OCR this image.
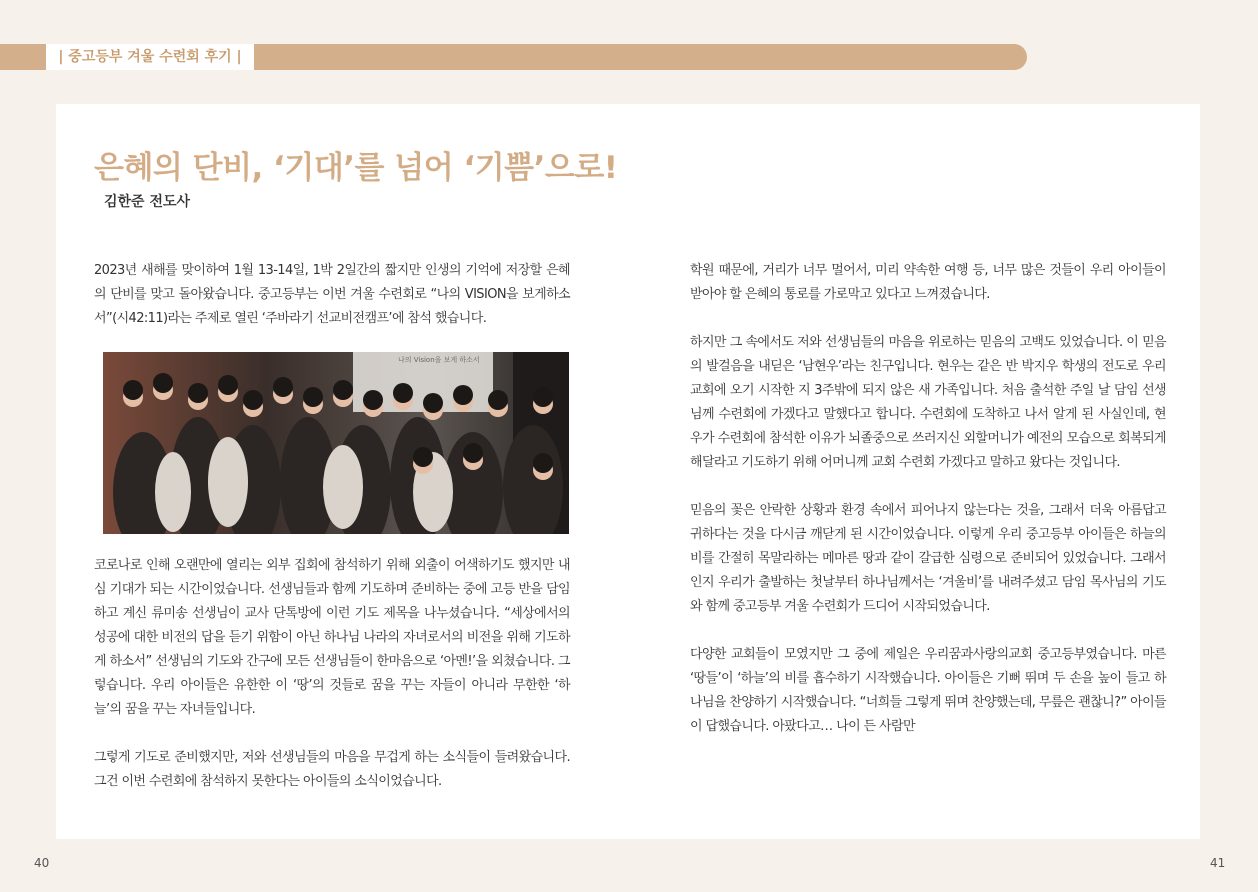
| 중고등부 겨울 수련회 후기 |
은혜의 단비, ‘기대’를 넘어 ‘기쁨’으로!
김한준 전도사

2023년 새해를 맞이하여 1월 13-14일, 1박 2일간의 짧지만 인생의 기억에 저장할 은혜의 단비를 맞고 돌아왔습니다. 중고등부는 이번 겨울 수련회로 “나의 VISION을 보게하소서”(시42:11)라는 주제로 열린 ‘주바라기 선교비전캠프’에 참석 했습니다.

나의 Vision을 보게 하소서

코로나로 인해 오랜만에 열리는 외부 집회에 참석하기 위해 외출이 어색하기도 했지만 내심 기대가 되는 시간이었습니다. 선생님들과 함께 기도하며 준비하는 중에 고등 반을 담임하고 계신 류미송 선생님이 교사 단톡방에 이런 기도 제목을 나누셨습니다. “세상에서의 성공에 대한 비전의 답을 듣기 위함이 아닌 하나님 나라의 자녀로서의 비전을 위해 기도하게 하소서” 선생님의 기도와 간구에 모든 선생님들이 한마음으로 ‘아멘!’을 외쳤습니다. 그렇습니다. 우리 아이들은 유한한 이 ‘땅’의 것들로 꿈을 꾸는 자들이 아니라 무한한 ‘하늘’의 꿈을 꾸는 자녀들입니다.

그렇게 기도로 준비했지만, 저와 선생님들의 마음을 무겁게 하는 소식들이 들려왔습니다. 그건 이번 수련회에 참석하지 못한다는 아이들의 소식이었습니다.

학원 때문에, 거리가 너무 멀어서, 미리 약속한 여행 등, 너무 많은 것들이 우리 아이들이 받아야 할 은혜의 통로를 가로막고 있다고 느껴졌습니다.

하지만 그 속에서도 저와 선생님들의 마음을 위로하는 믿음의 고백도 있었습니다. 이 믿음의 발걸음을 내딛은 ‘남현우’라는 친구입니다. 현우는 같은 반 박지우 학생의 전도로 우리 교회에 오기 시작한 지 3주밖에 되지 않은 새 가족입니다. 처음 출석한 주일 날 담임 선생님께 수련회에 가겠다고 말했다고 합니다. 수련회에 도착하고 나서 알게 된 사실인데, 현우가 수련회에 참석한 이유가 뇌졸중으로 쓰러지신 외할머니가 예전의 모습으로 회복되게 해달라고 기도하기 위해 어머니께 교회 수련회 가겠다고 말하고 왔다는 것입니다.

믿음의 꽃은 안락한 상황과 환경 속에서 피어나지 않는다는 것을, 그래서 더욱 아름답고 귀하다는 것을 다시금 깨닫게 된 시간이었습니다. 이렇게 우리 중고등부 아이들은 하늘의 비를 간절히 목말라하는 메마른 땅과 같이 갈급한 심령으로 준비되어 있었습니다. 그래서인지 우리가 출발하는 첫날부터 하나님께서는 ‘겨울비’를 내려주셨고 담임 목사님의 기도와 함께 중고등부 겨울 수련회가 드디어 시작되었습니다.

다양한 교회들이 모였지만 그 중에 제일은 우리꿈과사랑의교회 중고등부였습니다. 마른 ‘땅들’이 ‘하늘’의 비를 흡수하기 시작했습니다. 아이들은 기뻐 뛰며 두 손을 높이 들고 하나님을 찬양하기 시작했습니다. “너희들 그렇게 뛰며 찬양했는데, 무릎은 괜찮니?” 아이들이 답했습니다. 아팠다고… 나이 든 사람만

40	41
